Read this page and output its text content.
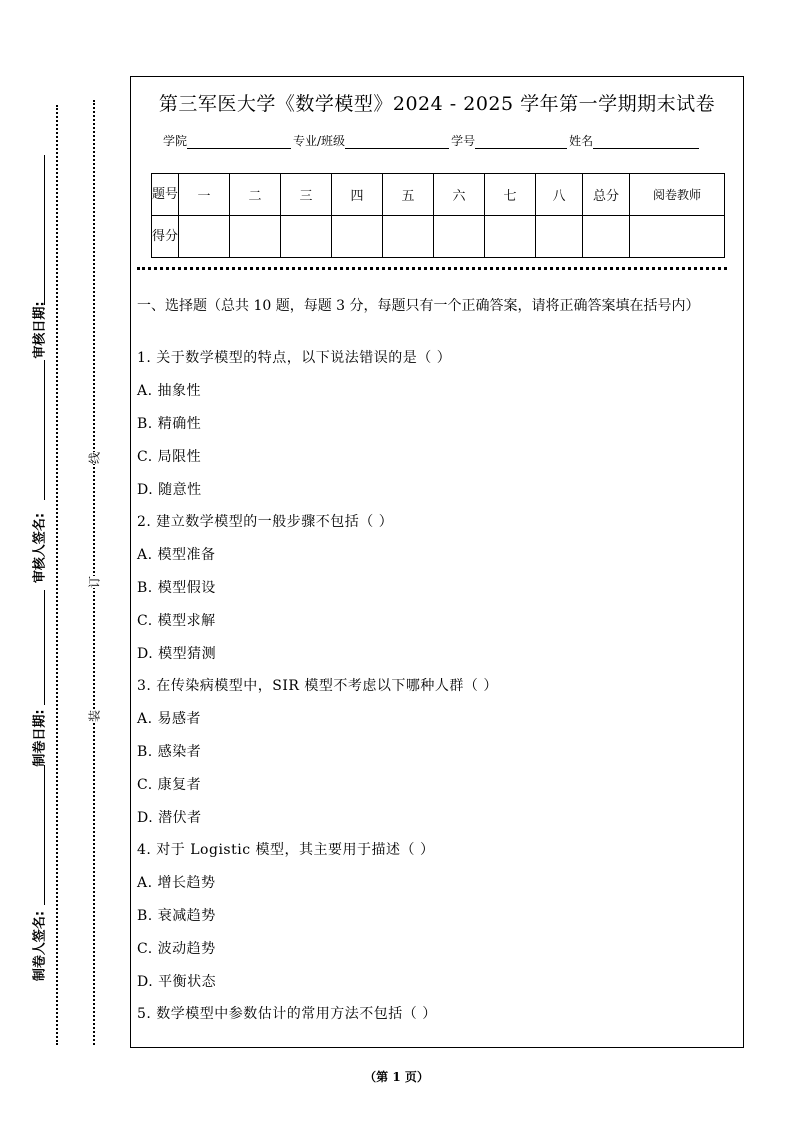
审核日期:
审核人签名:
制卷日期:
制卷人签名:
线
订
装
第三军医大学《数学模型》2024 - 2025 学年第一学期期末试卷
学院	专业/班级	学号	姓名
题号	一	二	三	四	五	六	七	八	总分	阅卷教师
得分										

一、选择题（总共 10 题，每题 3 分，每题只有一个正确答案，请将正确答案填在括号内）

1. 关于数学模型的特点，以下说法错误的是（ ）
A. 抽象性
B. 精确性
C. 局限性
D. 随意性
2. 建立数学模型的一般步骤不包括（ ）
A. 模型准备
B. 模型假设
C. 模型求解
D. 模型猜测
3. 在传染病模型中，SIR 模型不考虑以下哪种人群（ ）
A. 易感者
B. 感染者
C. 康复者
D. 潜伏者
4. 对于 Logistic 模型，其主要用于描述（ ）
A. 增长趋势
B. 衰减趋势
C. 波动趋势
D. 平衡状态
5. 数学模型中参数估计的常用方法不包括（ ）
（第 1 页）
